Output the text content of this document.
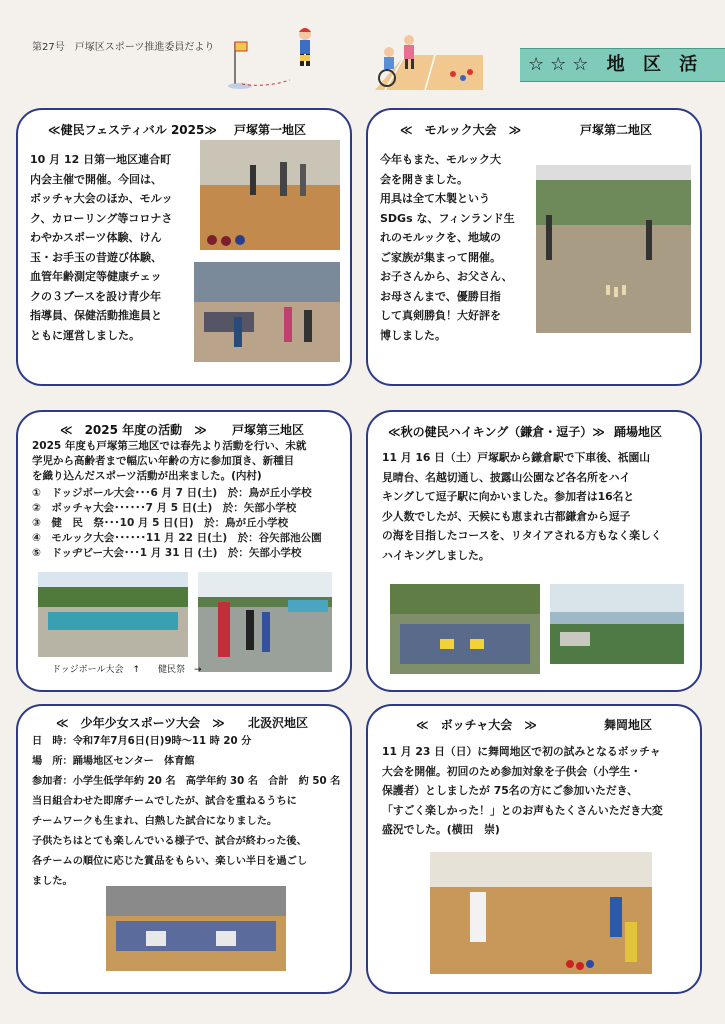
第27号　戸塚区スポーツ推進委員だより
☆☆☆ 地 区 活
≪健民フェスティバル 2025≫ 戸塚第一地区

10 月 12 日第一地区連合町

内会主催で開催。今回は、

ボッチャ大会のほか、モルッ

ク、カローリング等コロナさ

わやかスポーツ体験、けん

玉・お手玉の昔遊び体験、

血管年齢測定等健康チェッ

クの３ブースを設け青少年

指導員、保健活動推進員と

ともに運営しました。

≪　モルック大会　≫	戸塚第二地区

今年もまた、モルック大

会を開きました。

用具は全て木製という

SDGs な、フィンランド生

れのモルックを、地域の

ご家族が集まって開催。

お子さんから、お父さん、

お母さんまで、優勝目指

して真剣勝負！大好評を

博しました。

≪　2025 年度の活動　≫ 戸塚第三地区

2025 年度も戸塚第三地区では春先より活動を行い、未就

学児から高齢者まで幅広い年齢の方に参加頂き、新種目

を織り込んだスポーツ活動が出来ました。(内村)

①　ドッジボール大会･･･6 月 7 日(土)　於：鳥が丘小学校
②　ボッチャ大会･･････7 月 5 日(土)　於：矢部小学校
③　健　民　祭･･･10 月 5 日(日)　於：鳥が丘小学校
④　モルック大会･･････11 月 22 日(土)　於：谷矢部池公園
⑤　ドッヂビー大会･･･1 月 31 日 (土)　於：矢部小学校
ドッジボール大会　↑　　健民祭　→
≪秋の健民ハイキング（鎌倉・逗子）≫ 踊場地区

11 月 16 日（土）戸塚駅から鎌倉駅で下車後、祇園山

見晴台、名越切通し、披露山公園など各名所をハイ

キングして逗子駅に向かいました。参加者は16名と

少人数でしたが、天候にも恵まれ古都鎌倉から逗子

の海を目指したコースを、リタイアされる方もなく楽しく

ハイキングしました。

≪　少年少女スポーツ大会　≫ 北汲沢地区

日　時：令和7年7月6日(日)9時〜11 時 20 分

場　所：踊場地区センター　体育館

参加者：小学生低学年約 20 名　高学年約 30 名　合計　約 50 名

当日組合わせた即席チームでしたが、試合を重ねるうちに

チームワークも生まれ、白熱した試合になりました。

子供たちはとても楽しんでいる様子で、試合が終わった後、

各チームの順位に応じた賞品をもらい、楽しい半日を過ごし

ました。

≪　ボッチャ大会　≫	舞岡地区

11 月 23 日（日）に舞岡地区で初の試みとなるボッチャ

大会を開催。初回のため参加対象を子供会（小学生・

保護者）としましたが 75名の方にご参加いただき、

「すごく楽しかった！」とのお声もたくさんいただき大変

盛況でした。(横田　崇)
